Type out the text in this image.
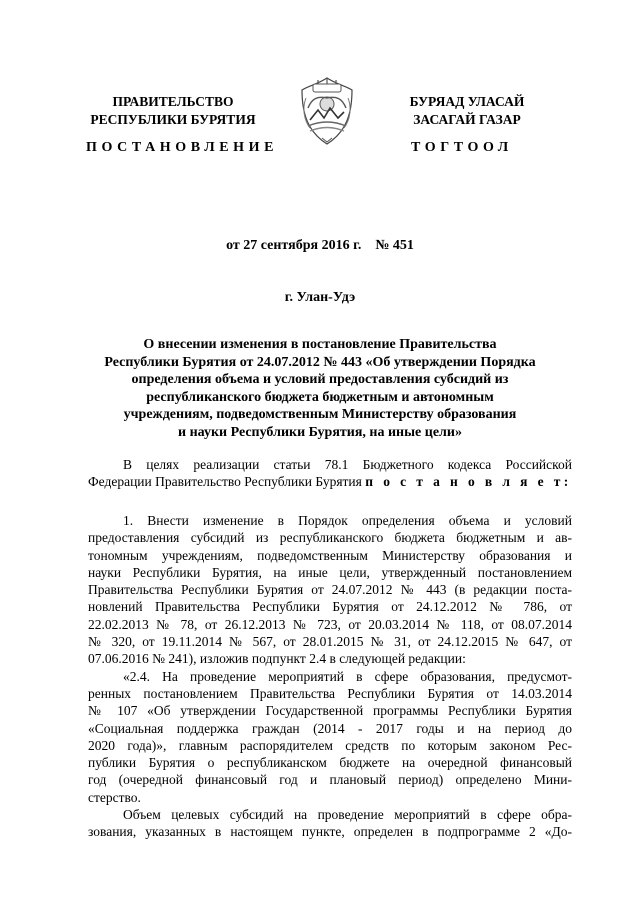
ПРАВИТЕЛЬСТВО
РЕСПУБЛИКИ БУРЯТИЯ
БУРЯАД УЛАСАЙ
ЗАСАГАЙ ГАЗАР
ПОСТАНОВЛЕНИЕ	ТОГТООЛ
от 27 сентября 2016 г.    № 451
г. Улан-Удэ
О внесении изменения в постановление Правительства
Республики Бурятия от 24.07.2012 № 443 «Об утверждении Порядка
определения объема и условий предоставления субсидий из
республиканского бюджета бюджетным и автономным
учреждениям, подведомственным Министерству образования
и науки Республики Бурятия, на иные цели»
В целях реализации статьи 78.1 Бюджетного кодекса Российской
Федерации Правительство Республики Бурятия п о с т а н о в л я е т:
1. Внести изменение в Порядок определения объема и условий
предоставления субсидий из республиканского бюджета бюджетным и ав-
тономным учреждениям, подведомственным Министерству образования и
науки Республики Бурятия, на иные цели, утвержденный постановлением
Правительства Республики Бурятия от 24.07.2012 № 443 (в редакции поста-
новлений Правительства Республики Бурятия от 24.12.2012 № 786, от
22.02.2013 № 78, от 26.12.2013 № 723, от 20.03.2014 № 118, от 08.07.2014
№ 320, от 19.11.2014 № 567, от 28.01.2015 № 31, от 24.12.2015 № 647, от
07.06.2016 № 241), изложив подпункт 2.4 в следующей редакции:
«2.4. На проведение мероприятий в сфере образования, предусмот-
ренных постановлением Правительства Республики Бурятия от 14.03.2014
№ 107 «Об утверждении Государственной программы Республики Бурятия
«Социальная поддержка граждан (2014 - 2017 годы и на период до
2020 года)», главным распорядителем средств по которым законом Рес-
публики Бурятия о республиканском бюджете на очередной финансовый
год (очередной финансовый год и плановый период) определено Мини-
стерство.
Объем целевых субсидий на проведение мероприятий в сфере обра-
зования, указанных в настоящем пункте, определен в подпрограмме 2 «До-
